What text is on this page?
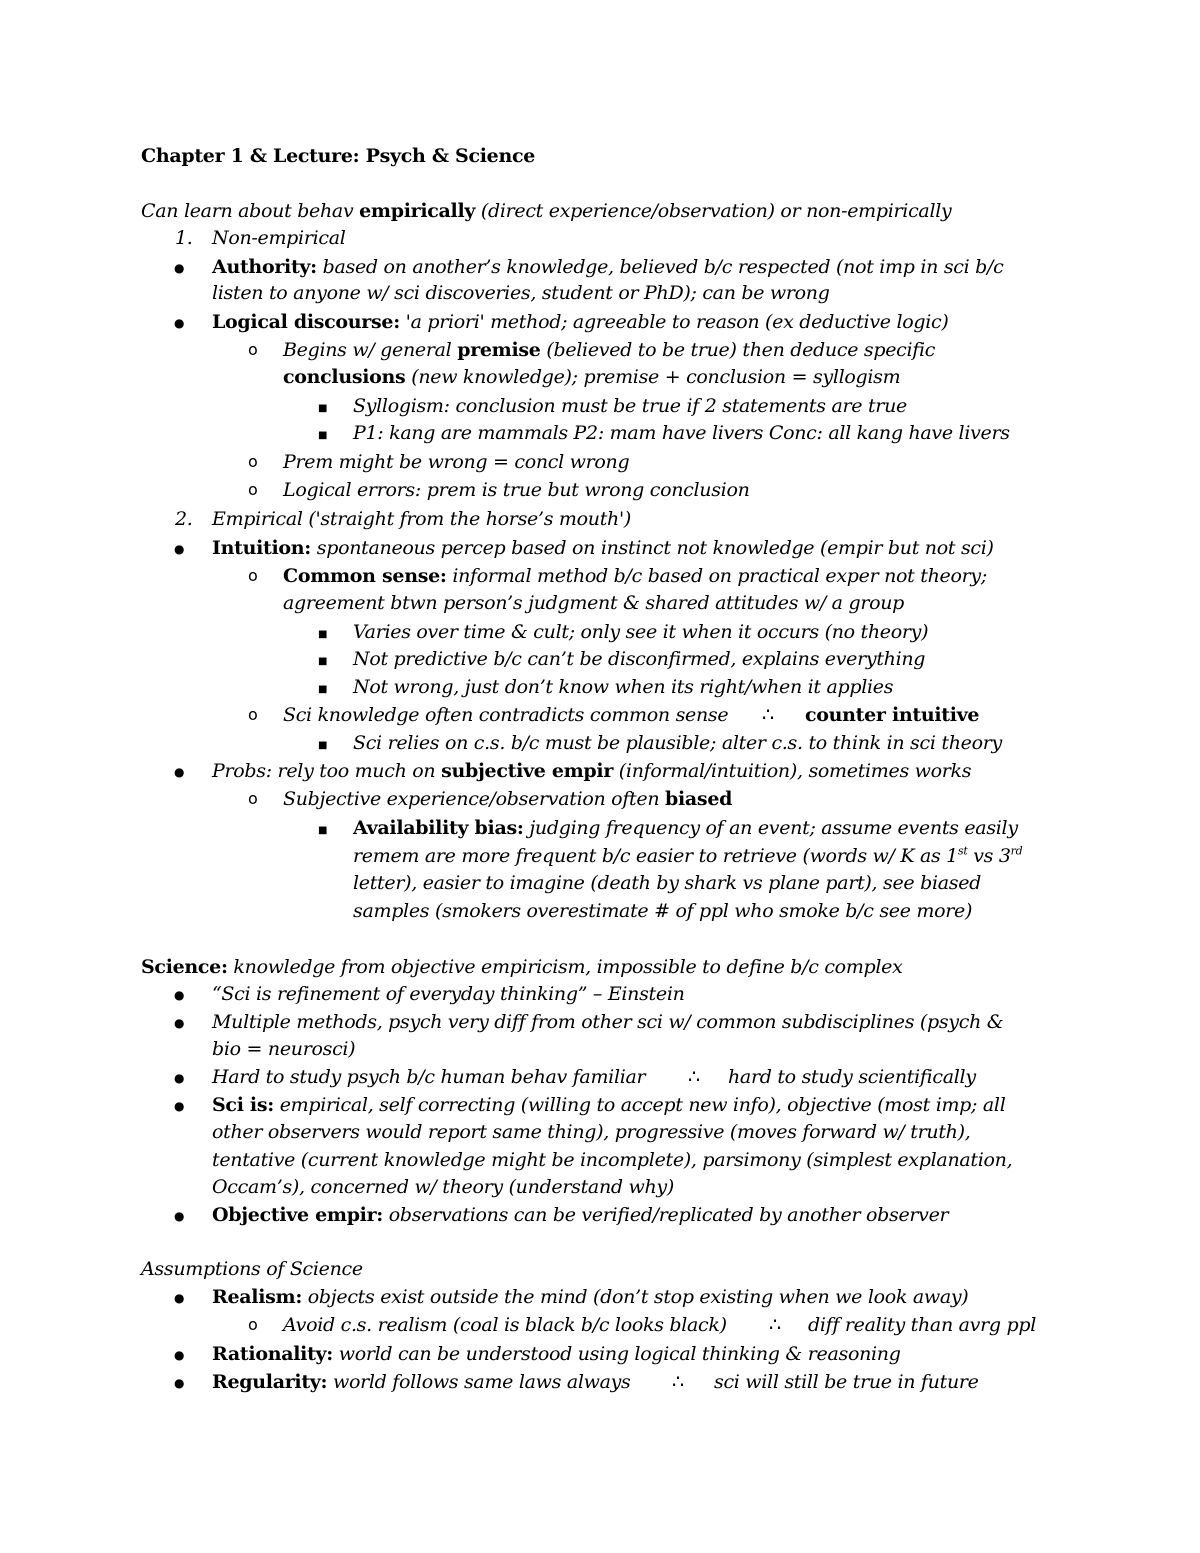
Chapter 1 & Lecture: Psych & Science
Can learn about behav empirically (direct experience/observation) or non-empirically
1. Non-empirical
●
Authority: based on another’s knowledge, believed b/c respected (not imp in sci b/c
listen to anyone w/ sci discoveries, student or PhD); can be wrong
●
Logical discourse: 'a priori' method; agreeable to reason (ex deductive logic)
o
Begins w/ general premise (believed to be true) then deduce specific
conclusions (new knowledge); premise + conclusion = syllogism
■
Syllogism: conclusion must be true if 2 statements are true
■
P1: kang are mammals P2: mam have livers Conc: all kang have livers
o
Prem might be wrong = concl wrong
o
Logical errors: prem is true but wrong conclusion
2. Empirical ('straight from the horse’s mouth')
●
Intuition: spontaneous percep based on instinct not knowledge (empir but not sci)
o
Common sense: informal method b/c based on practical exper not theory;
agreement btwn person’s judgment & shared attitudes w/ a group
■
Varies over time & cult; only see it when it occurs (no theory)
■
Not predictive b/c can’t be disconfirmed, explains everything
■
Not wrong, just don’t know when its right/when it applies
o
Sci knowledge often contradicts common sense ∴ counter intuitive
■
Sci relies on c.s. b/c must be plausible; alter c.s. to think in sci theory
●
Probs: rely too much on subjective empir (informal/intuition), sometimes works
o
Subjective experience/observation often biased
■
Availability bias: judging frequency of an event; assume events easily
remem are more frequent b/c easier to retrieve (words w/ K as 1st vs 3rd
letter), easier to imagine (death by shark vs plane part), see biased
samples (smokers overestimate # of ppl who smoke b/c see more)
Science: knowledge from objective empiricism, impossible to define b/c complex
●
“Sci is refinement of everyday thinking” – Einstein
●
Multiple methods, psych very diff from other sci w/ common subdisciplines (psych &
bio = neurosci)
●
Hard to study psych b/c human behav familiar ∴ hard to study scientifically
●
Sci is: empirical, self correcting (willing to accept new info), objective (most imp; all
other observers would report same thing), progressive (moves forward w/ truth),
tentative (current knowledge might be incomplete), parsimony (simplest explanation,
Occam’s), concerned w/ theory (understand why)
●
Objective empir: observations can be verified/replicated by another observer
Assumptions of Science
●
Realism: objects exist outside the mind (don’t stop existing when we look away)
o
Avoid c.s. realism (coal is black b/c looks black) ∴ diff reality than avrg ppl
●
Rationality: world can be understood using logical thinking & reasoning
●
Regularity: world follows same laws always ∴ sci will still be true in future
